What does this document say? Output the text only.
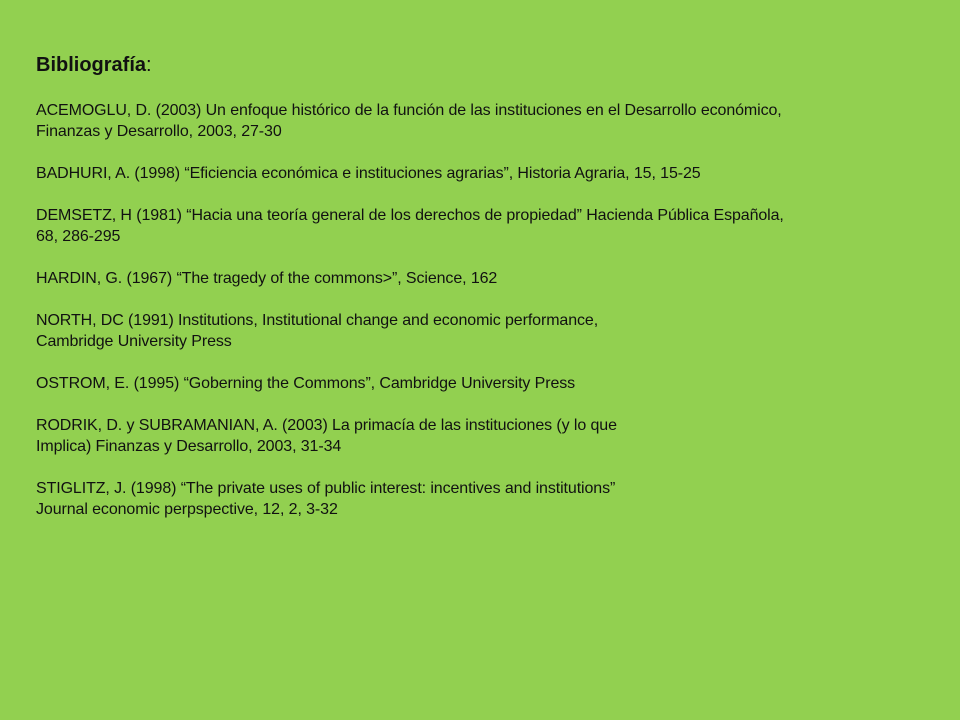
Bibliografía:
ACEMOGLU, D. (2003) Un enfoque histórico de la función de las instituciones en el Desarrollo económico,
Finanzas y Desarrollo, 2003, 27-30
BADHURI, A. (1998) “Eficiencia económica e instituciones agrarias”, Historia Agraria, 15, 15-25
DEMSETZ, H (1981) “Hacia una teoría general de los derechos de propiedad” Hacienda Pública Española,
68, 286-295
HARDIN, G. (1967) “The tragedy of the commons>”, Science, 162
NORTH, DC (1991) Institutions, Institutional change and economic performance,
Cambridge University Press
OSTROM, E. (1995) “Goberning the Commons”, Cambridge University Press
RODRIK, D. y SUBRAMANIAN, A. (2003) La primacía de las instituciones (y lo que
Implica) Finanzas y Desarrollo, 2003, 31-34
STIGLITZ, J. (1998) “The private uses of public interest: incentives and institutions”
Journal economic perpspective, 12, 2, 3-32
